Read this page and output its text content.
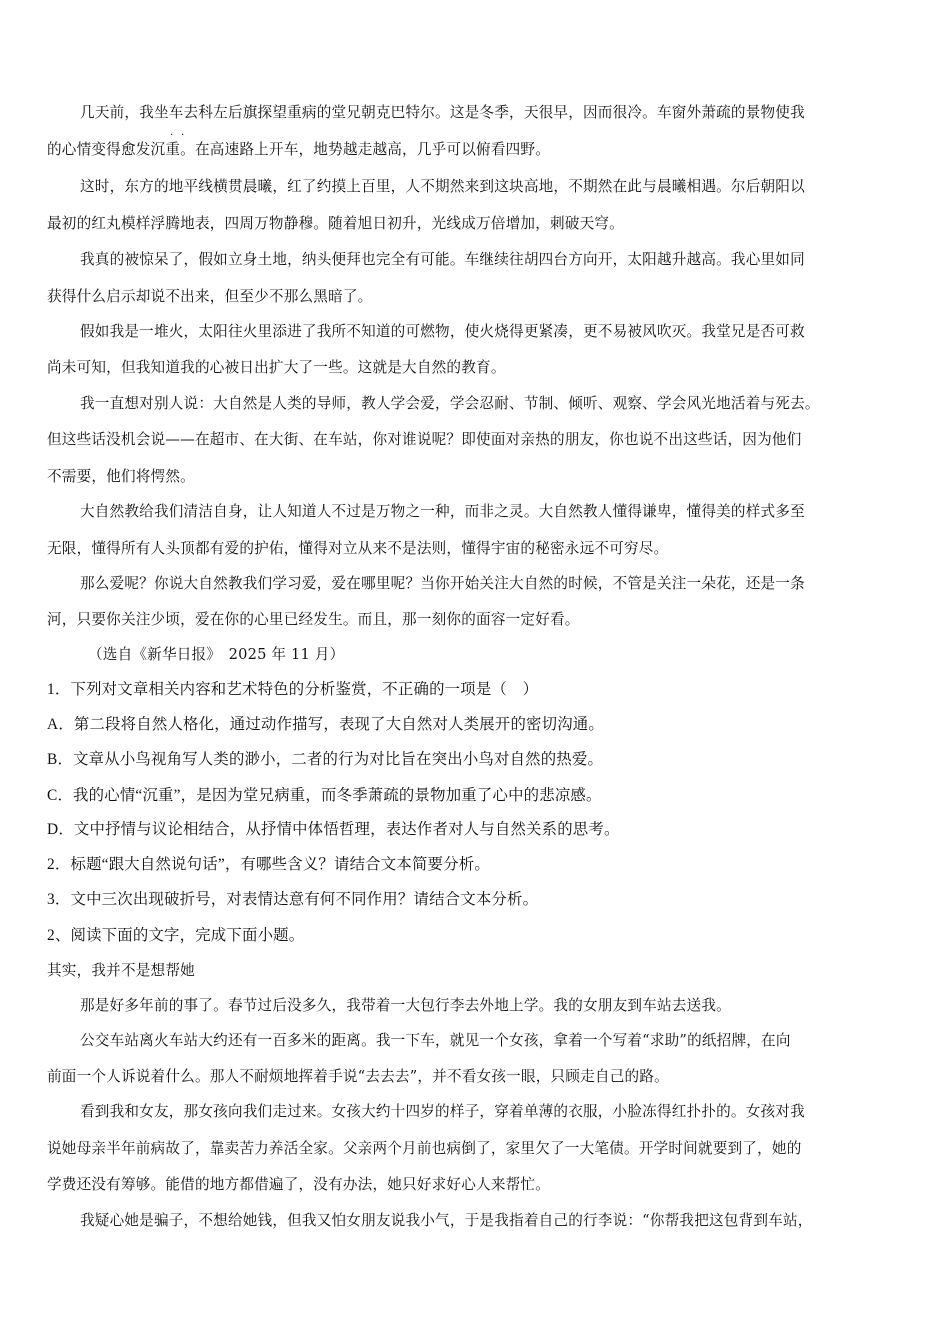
几天前，我坐车去科左后旗探望重病的堂兄朝克巴特尔。这是冬季，天很早，因而很冷。车窗外萧疏的景物使我
··
的心情变得愈发沉重。在高速路上开车，地势越走越高，几乎可以俯看四野。
这时，东方的地平线横贯晨曦，红了约摸上百里，人不期然来到这块高地，不期然在此与晨曦相遇。尔后朝阳以
最初的红丸模样浮腾地表，四周万物静穆。随着旭日初升，光线成万倍增加，刺破天穹。
我真的被惊呆了，假如立身土地，纳头便拜也完全有可能。车继续往胡四台方向开，太阳越升越高。我心里如同
获得什么启示却说不出来，但至少不那么黑暗了。
假如我是一堆火，太阳往火里添进了我所不知道的可燃物，使火烧得更紧凑，更不易被风吹灭。我堂兄是否可救
尚未可知，但我知道我的心被日出扩大了一些。这就是大自然的教育。
我一直想对别人说：大自然是人类的导师，教人学会爱，学会忍耐、节制、倾听、观察、学会风光地活着与死去。
但这些话没机会说——在超市、在大街、在车站，你对谁说呢？即使面对亲热的朋友，你也说不出这些话，因为他们
不需要，他们将愕然。
大自然教给我们清洁自身，让人知道人不过是万物之一种，而非之灵。大自然教人懂得谦卑，懂得美的样式多至
无限，懂得所有人头顶都有爱的护佑，懂得对立从来不是法则，懂得宇宙的秘密永远不可穷尽。
那么爱呢？你说大自然教我们学习爱，爱在哪里呢？当你开始关注大自然的时候，不管是关注一朵花，还是一条
河，只要你关注少顷，爱在你的心里已经发生。而且，那一刻你的面容一定好看。
（选自《新华日报》　2025 年 11 月）
1．下列对文章相关内容和艺术特色的分析鉴赏，不正确的一项是（　）
A．第二段将自然人格化，通过动作描写，表现了大自然对人类展开的密切沟通。
B．文章从小鸟视角写人类的渺小，二者的行为对比旨在突出小鸟对自然的热爱。
C．我的心情“沉重”，是因为堂兄病重，而冬季萧疏的景物加重了心中的悲凉感。
D．文中抒情与议论相结合，从抒情中体悟哲理，表达作者对人与自然关系的思考。
2．标题“跟大自然说句话”，有哪些含义？请结合文本简要分析。
3．文中三次出现破折号，对表情达意有何不同作用？请结合文本分析。
2、阅读下面的文字，完成下面小题。
其实，我并不是想帮她
那是好多年前的事了。春节过后没多久，我带着一大包行李去外地上学。我的女朋友到车站去送我。
公交车站离火车站大约还有一百多米的距离。我一下车，就见一个女孩，拿着一个写着“求助”的纸招牌，在向
前面一个人诉说着什么。那人不耐烦地挥着手说“去去去”，并不看女孩一眼，只顾走自己的路。
看到我和女友，那女孩向我们走过来。女孩大约十四岁的样子，穿着单薄的衣服，小脸冻得红扑扑的。女孩对我
说她母亲半年前病故了，靠卖苦力养活全家。父亲两个月前也病倒了，家里欠了一大笔债。开学时间就要到了，她的
学费还没有筹够。能借的地方都借遍了，没有办法，她只好求好心人来帮忙。
我疑心她是骗子，不想给她钱，但我又怕女朋友说我小气，于是我指着自己的行李说：“你帮我把这包背到车站，
